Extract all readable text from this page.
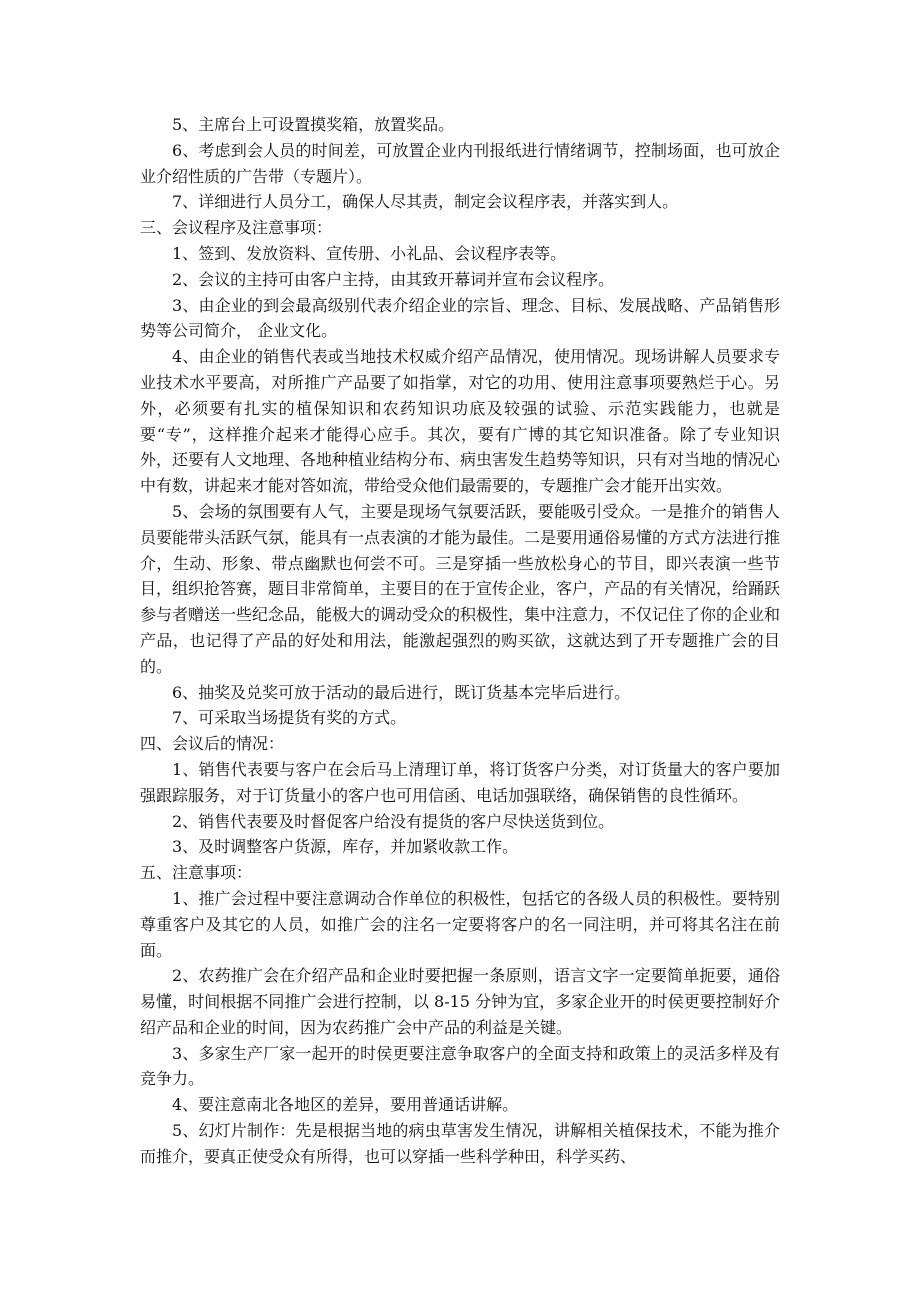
5、主席台上可设置摸奖箱，放置奖品。

6、考虑到会人员的时间差，可放置企业内刊报纸进行情绪调节，控制场面，也可放企业介绍性质的广告带（专题片）。

7、详细进行人员分工，确保人尽其责，制定会议程序表，并落实到人。

三、会议程序及注意事项：

1、签到、发放资料、宣传册、小礼品、会议程序表等。

2、会议的主持可由客户主持，由其致开幕词并宣布会议程序。

3、由企业的到会最高级别代表介绍企业的宗旨、理念、目标、发展战略、产品销售形势等公司简介， 企业文化。

4、由企业的销售代表或当地技术权威介绍产品情况，使用情况。现场讲解人员要求专业技术水平要高，对所推广产品要了如指掌，对它的功用、使用注意事项要熟烂于心。另外，必须要有扎实的植保知识和农药知识功底及较强的试验、示范实践能力，也就是要“专”，这样推介起来才能得心应手。其次，要有广博的其它知识准备。除了专业知识外，还要有人文地理、各地种植业结构分布、病虫害发生趋势等知识，只有对当地的情况心中有数，讲起来才能对答如流，带给受众他们最需要的，专题推广会才能开出实效。

5、会场的氛围要有人气，主要是现场气氛要活跃，要能吸引受众。一是推介的销售人员要能带头活跃气氛，能具有一点表演的才能为最佳。二是要用通俗易懂的方式方法进行推介，生动、形象、带点幽默也何尝不可。三是穿插一些放松身心的节目，即兴表演一些节目，组织抢答赛，题目非常简单，主要目的在于宣传企业，客户，产品的有关情况，给踊跃参与者赠送一些纪念品，能极大的调动受众的积极性，集中注意力，不仅记住了你的企业和产品，也记得了产品的好处和用法，能激起强烈的购买欲，这就达到了开专题推广会的目的。

6、抽奖及兑奖可放于活动的最后进行，既订货基本完毕后进行。

7、可采取当场提货有奖的方式。

四、会议后的情况：

1、销售代表要与客户在会后马上清理订单，将订货客户分类，对订货量大的客户要加强跟踪服务，对于订货量小的客户也可用信函、电话加强联络，确保销售的良性循环。

2、销售代表要及时督促客户给没有提货的客户尽快送货到位。

3、及时调整客户货源，库存，并加紧收款工作。

五、注意事项：

1、推广会过程中要注意调动合作单位的积极性，包括它的各级人员的积极性。要特别尊重客户及其它的人员，如推广会的注名一定要将客户的名一同注明，并可将其名注在前面。

2、农药推广会在介绍产品和企业时要把握一条原则，语言文字一定要简单扼要，通俗易懂，时间根据不同推广会进行控制，以 8-15 分钟为宜，多家企业开的时侯更要控制好介绍产品和企业的时间，因为农药推广会中产品的利益是关键。

3、多家生产厂家一起开的时侯更要注意争取客户的全面支持和政策上的灵活多样及有竞争力。

4、要注意南北各地区的差异，要用普通话讲解。

5、幻灯片制作：先是根据当地的病虫草害发生情况，讲解相关植保技术，不能为推介而推介，要真正使受众有所得，也可以穿插一些科学种田，科学买药、
